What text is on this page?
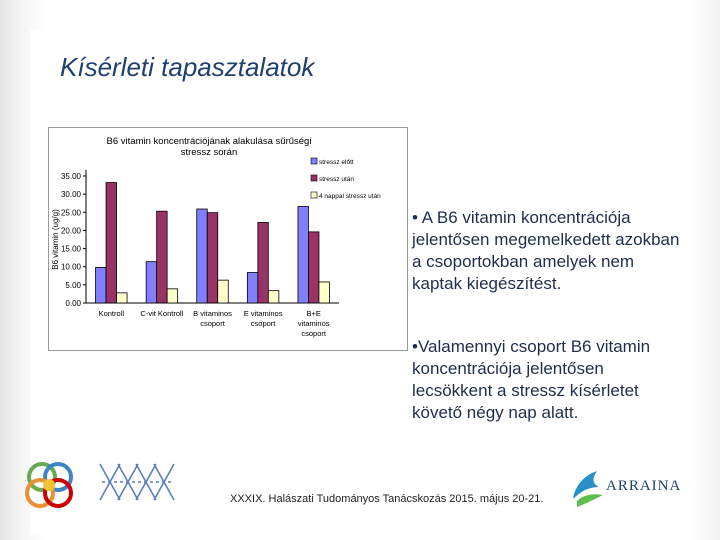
Kísérleti tapasztalatok
B6 vitamin koncentrációjának alakulása sűrűségi
stressz során
B6 vitamin (ug/g)
0.00
5.00
10.00
15.00
20.00
25.00
30.00
35.00
Kontroll C-vit Kontroll B vitaminos
csoport
E vitaminos
csoport
B+E
vitaminos
csoport
stressz előtt
stressz után
4 nappal stressz után
• A B6 vitamin koncentrációja jelentősen megemelkedett azokban a csoportokban amelyek nem kaptak kiegészítést.
•Valamennyi csoport B6 vitamin koncentrációja jelentősen lecsökkent a stressz kísérletet követő négy nap alatt.
XXXIX. Halászati Tudományos Tanácskozás 2015. május 20-21.
ARRAINA
